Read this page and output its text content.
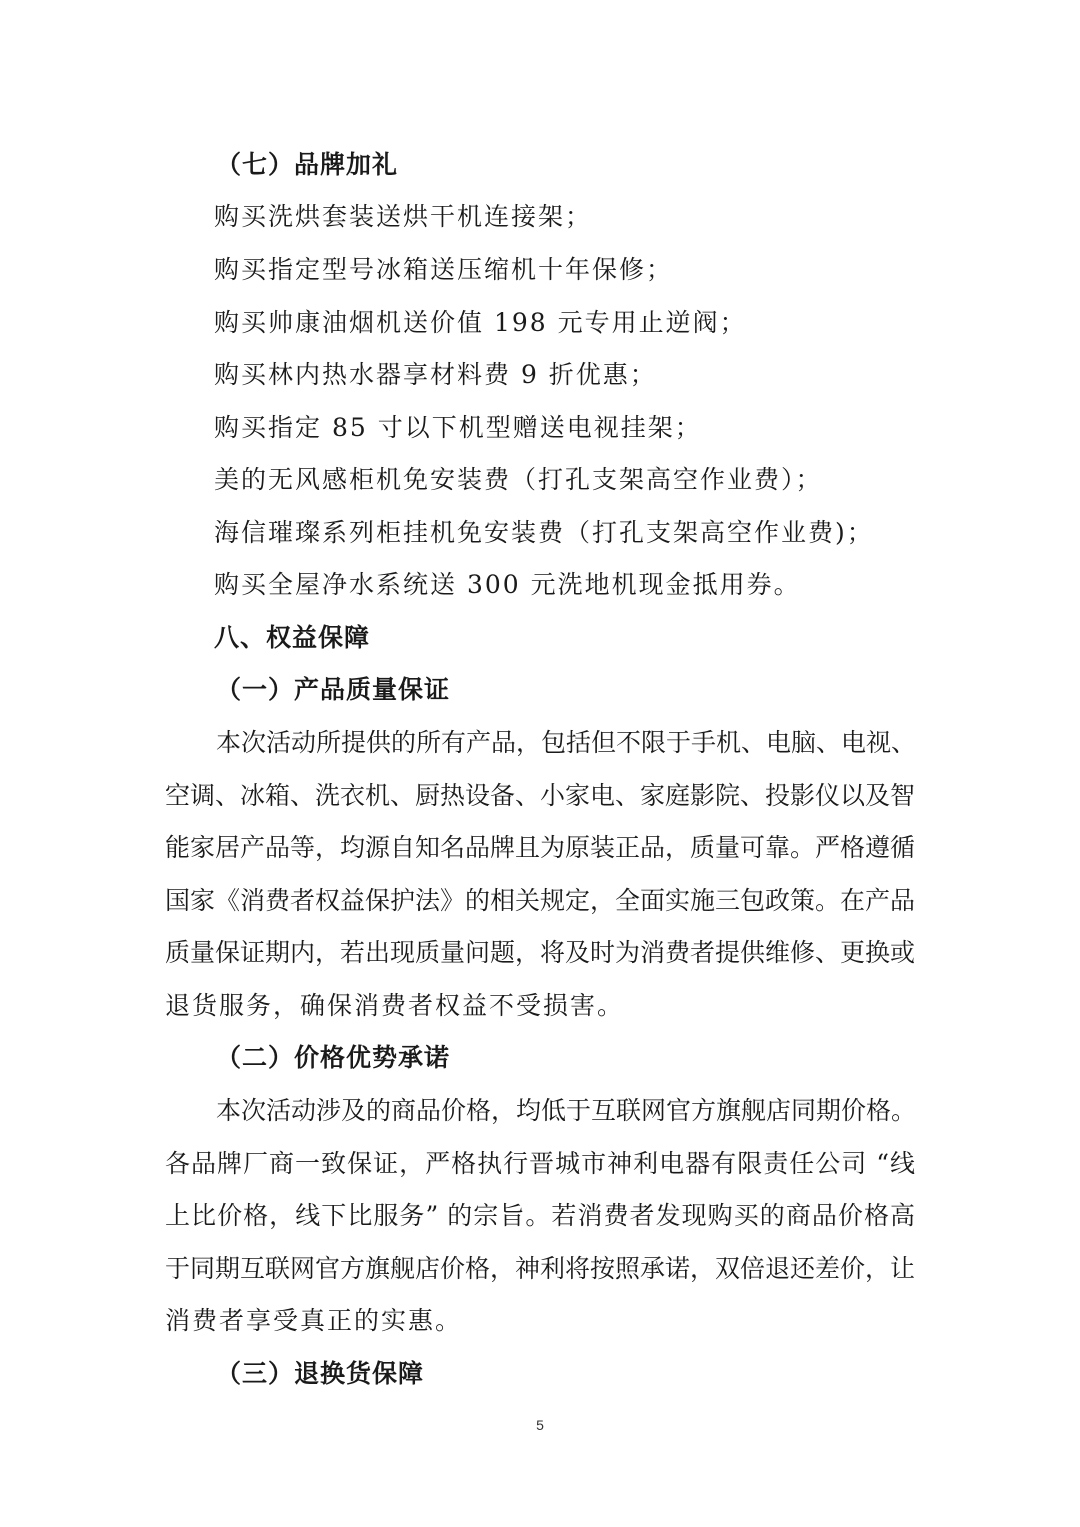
（七）品牌加礼

购买洗烘套装送烘干机连接架；

购买指定型号冰箱送压缩机十年保修；

购买帅康油烟机送价值 198 元专用止逆阀；

购买林内热水器享材料费 9 折优惠；

购买指定 85 寸以下机型赠送电视挂架；

美的无风感柜机免安装费（打孔支架高空作业费）；

海信璀璨系列柜挂机免安装费（打孔支架高空作业费)；

购买全屋净水系统送 300 元洗地机现金抵用券。

八、权益保障

（一）产品质量保证

本次活动所提供的所有产品，包括但不限于手机、电脑、电视、

空调、冰箱、洗衣机、厨热设备、小家电、家庭影院、投影仪以及智

能家居产品等，均源自知名品牌且为原装正品，质量可靠。严格遵循

国家《消费者权益保护法》的相关规定，全面实施三包政策。在产品

质量保证期内，若出现质量问题，将及时为消费者提供维修、更换或

退货服务，确保消费者权益不受损害。

（二）价格优势承诺

本次活动涉及的商品价格，均低于互联网官方旗舰店同期价格。

各品牌厂商一致保证，严格执行晋城市神利电器有限责任公司 “线

上比价格，线下比服务” 的宗旨。若消费者发现购买的商品价格高

于同期互联网官方旗舰店价格，神利将按照承诺，双倍退还差价，让

消费者享受真正的实惠。

（三）退换货保障

5
